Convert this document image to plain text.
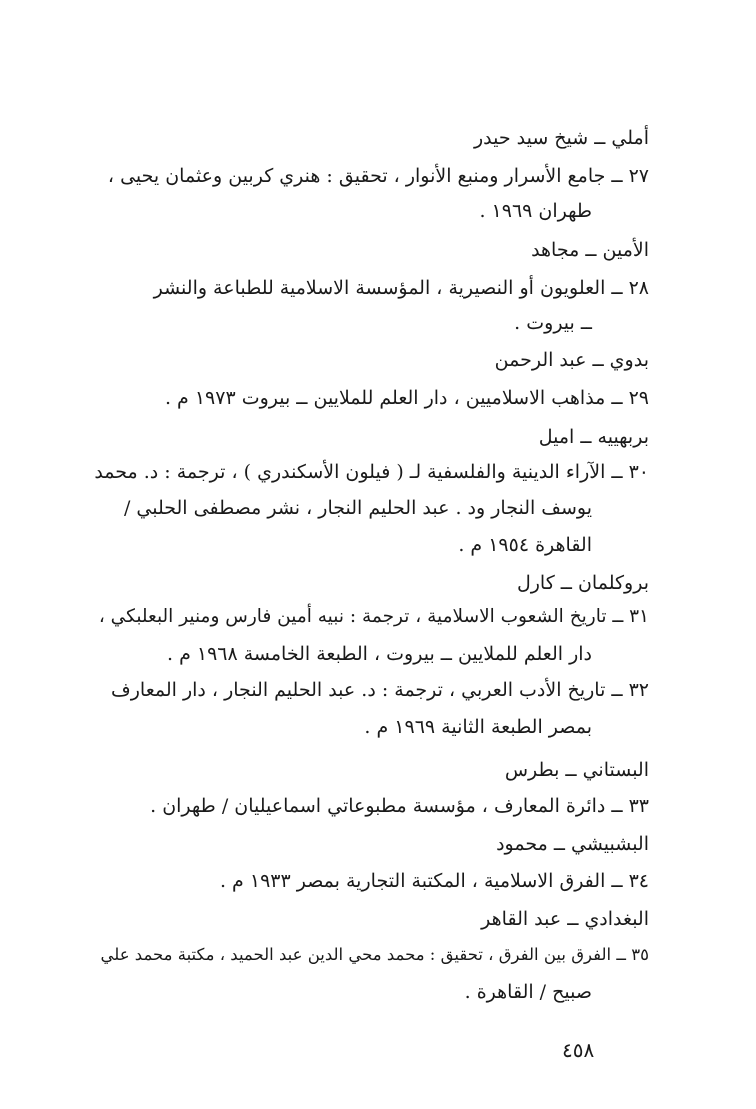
أملي ــ شيخ سيد حيدر
٢٧ ــ جامع الأسرار ومنبع الأنوار ، تحقيق : هنري كربين وعثمان يحيى ،
طهران ١٩٦٩ .
الأمين ــ مجاهد
٢٨ ــ العلويون أو النصيرية ، المؤسسة الاسلامية للطباعة والنشر
ــ بيروت .
بدوي ــ عبد الرحمن
٢٩ ــ مذاهب الاسلاميين ، دار العلم للملايين ــ بيروت ١٩٧٣ م .
بربهييه ــ اميل
٣٠ ــ الآراء الدينية والفلسفية لـ ( فيلون الأسكندري ) ، ترجمة : د. محمد
يوسف النجار ود . عبد الحليم النجار ، نشر مصطفى الحلبي /
القاهرة ١٩٥٤ م .
بروكلمان ــ كارل
٣١ ــ تاريخ الشعوب الاسلامية ، ترجمة : نبيه أمين فارس ومنير البعلبكي ،
دار العلم للملايين ــ بيروت ، الطبعة الخامسة ١٩٦٨ م .
٣٢ ــ تاريخ الأدب العربي ، ترجمة : د. عبد الحليم النجار ، دار المعارف
بمصر الطبعة الثانية ١٩٦٩ م .
البستاني ــ بطرس
٣٣ ــ دائرة المعارف ، مؤسسة مطبوعاتي اسماعيليان / طهران .
البشبيشي ــ محمود
٣٤ ــ الفرق الاسلامية ، المكتبة التجارية بمصر ١٩٣٣ م .
البغدادي ــ عبد القاهر
٣٥ ــ الفرق بين الفرق ، تحقيق : محمد محي الدين عبد الحميد ، مكتبة محمد علي
صبيح / القاهرة .
٤٥٨
